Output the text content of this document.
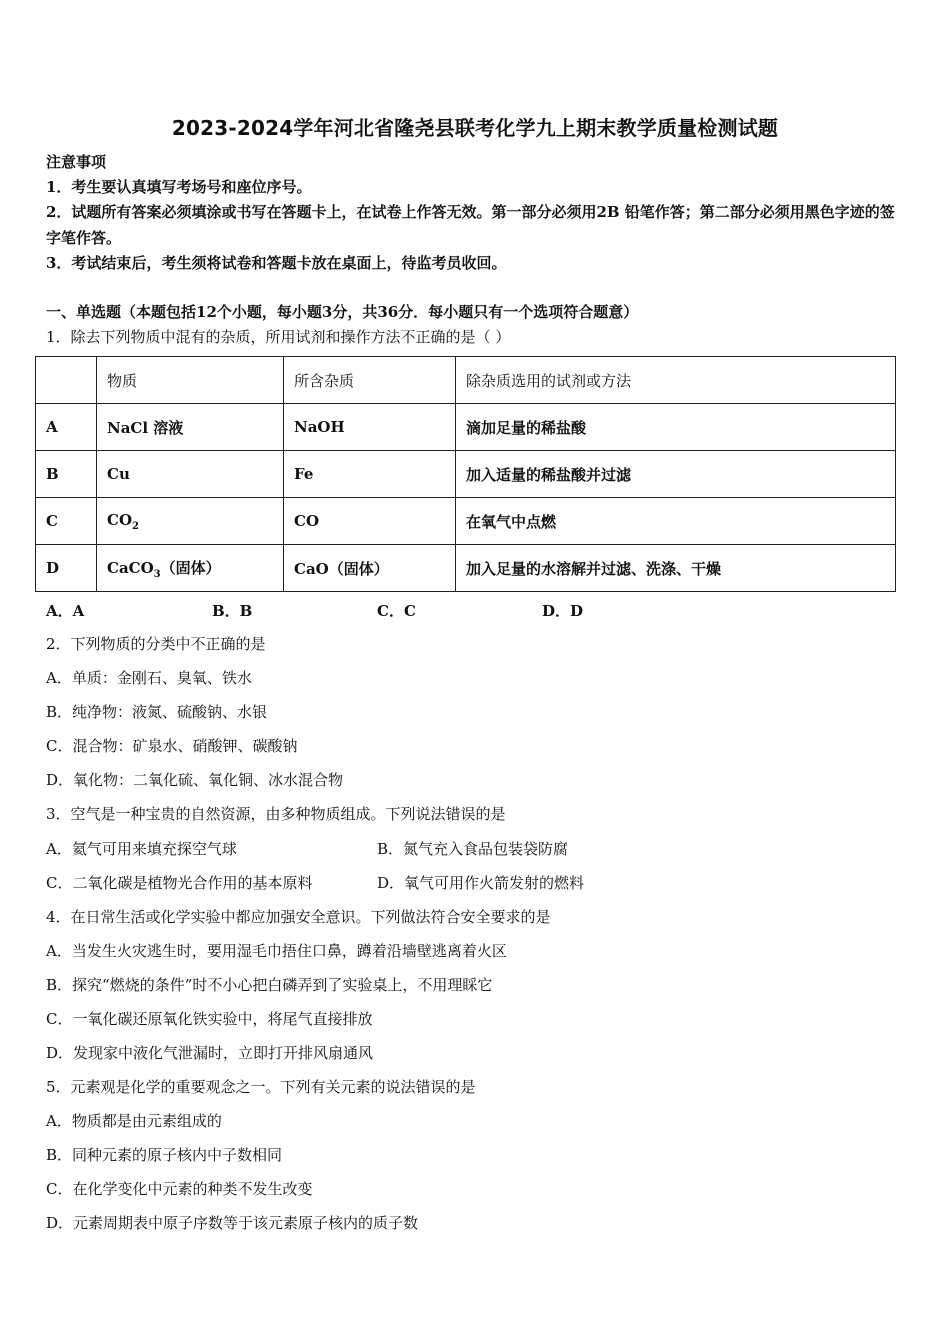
2023-2024学年河北省隆尧县联考化学九上期末教学质量检测试题
注意事项
1．考生要认真填写考场号和座位序号。
2．试题所有答案必须填涂或书写在答题卡上，在试卷上作答无效。第一部分必须用2B 铅笔作答；第二部分必须用黑色字迹的签字笔作答。
3．考试结束后，考生须将试卷和答题卡放在桌面上，待监考员收回。
一、单选题（本题包括12个小题，每小题3分，共36分．每小题只有一个选项符合题意）
1．除去下列物质中混有的杂质，所用试剂和操作方法不正确的是（ ）
	物质	所含杂质	除杂质选用的试剂或方法
A	NaCl 溶液	NaOH	滴加足量的稀盐酸
B	Cu	Fe	加入适量的稀盐酸并过滤
C	$CO_2$	CO	在氧气中点燃
D	CaCO$_3$（固体）	CaO（固体）	加入足量的水溶解并过滤、洗涤、干燥
A．A	B．B	C．C	D．D
2．下列物质的分类中不正确的是
A．单质：金刚石、臭氧、铁水
B．纯净物：液氮、硫酸钠、水银
C．混合物：矿泉水、硝酸钾、碳酸钠
D．氧化物：二氧化硫、氧化铜、冰水混合物
3．空气是一种宝贵的自然资源，由多种物质组成。下列说法错误的是
A．氦气可用来填充探空气球	B．氮气充入食品包装袋防腐
C．二氧化碳是植物光合作用的基本原料	D．氧气可用作火箭发射的燃料
4．在日常生活或化学实验中都应加强安全意识。下列做法符合安全要求的是
A．当发生火灾逃生时，要用湿毛巾捂住口鼻，蹲着沿墙壁逃离着火区
B．探究“燃烧的条件”时不小心把白磷弄到了实验桌上，不用理睬它
C．一氧化碳还原氧化铁实验中，将尾气直接排放
D．发现家中液化气泄漏时，立即打开排风扇通风
5．元素观是化学的重要观念之一。下列有关元素的说法错误的是
A．物质都是由元素组成的
B．同种元素的原子核内中子数相同
C．在化学变化中元素的种类不发生改变
D．元素周期表中原子序数等于该元素原子核内的质子数
